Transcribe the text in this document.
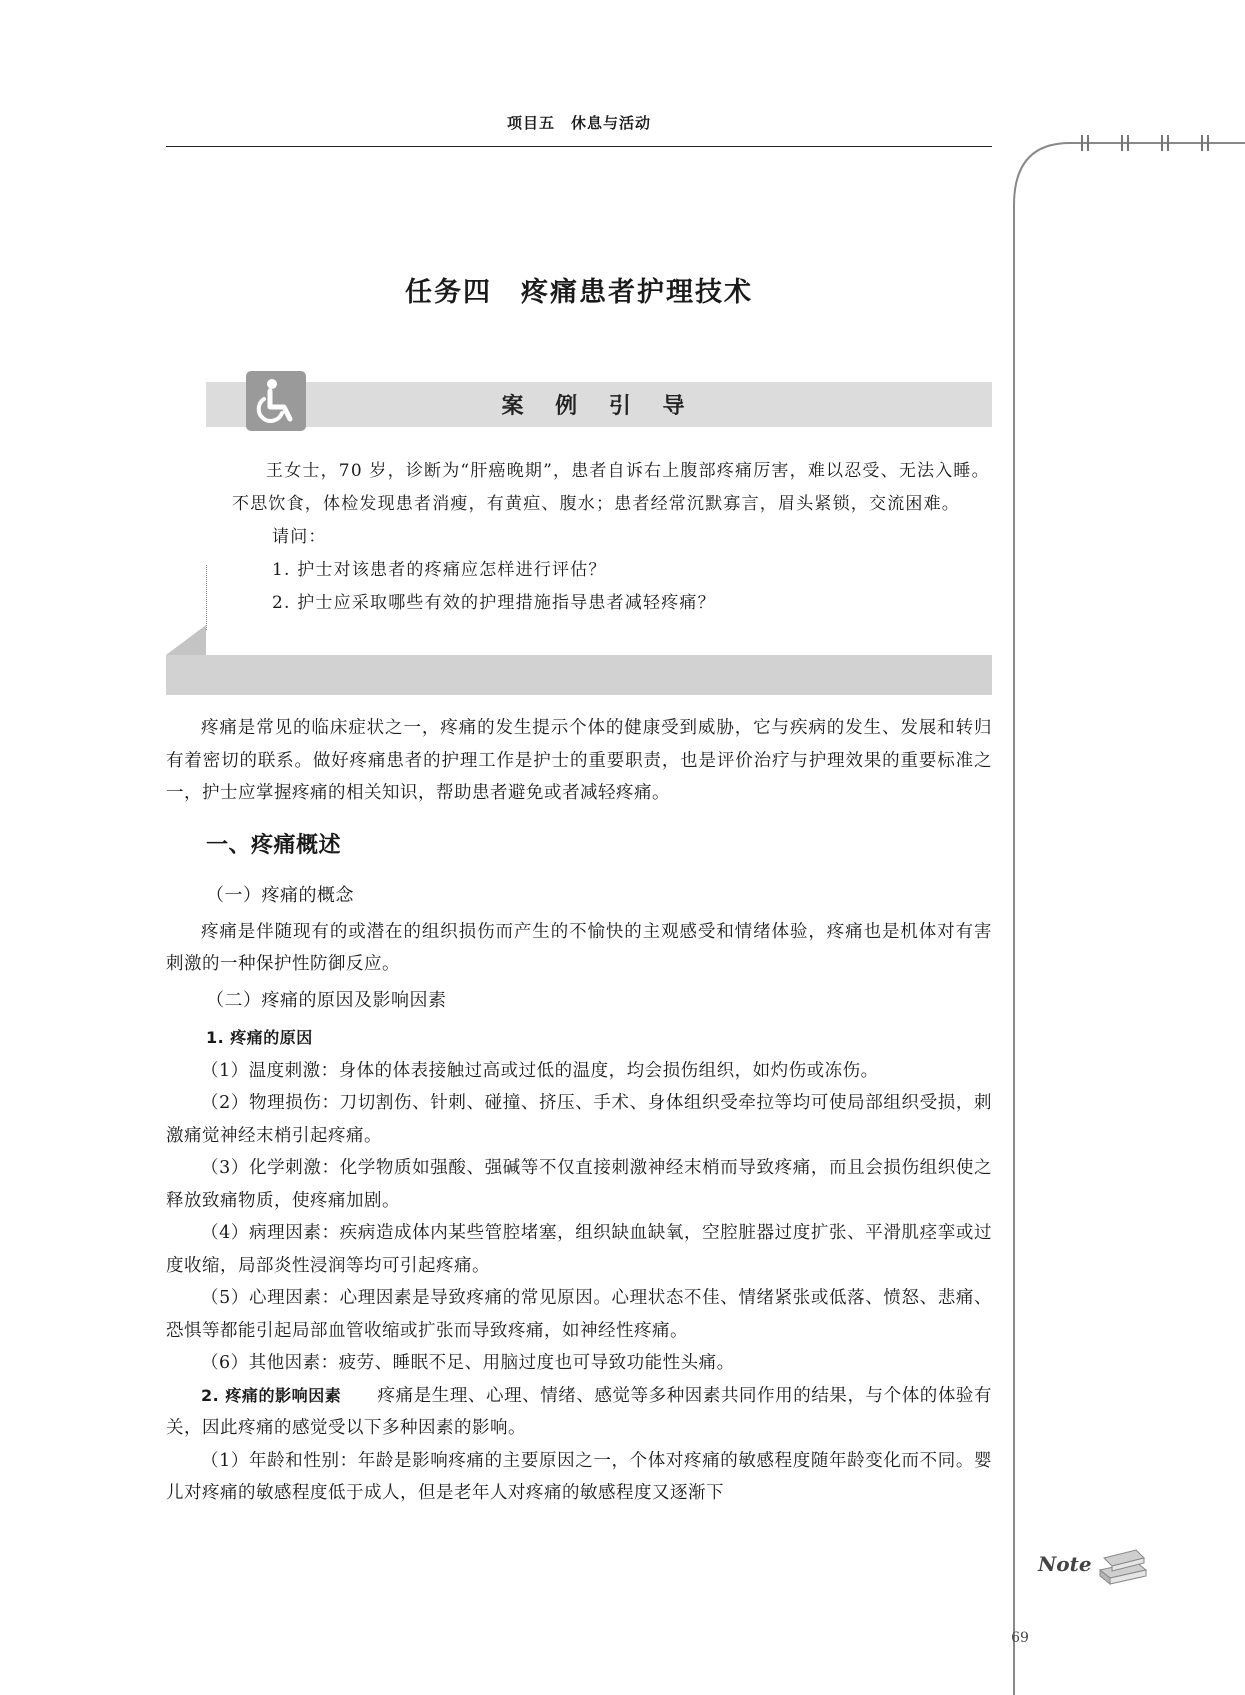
项目五　休息与活动
任务四　疼痛患者护理技术
案 例 引 导

王女士，70 岁，诊断为“肝癌晚期”，患者自诉右上腹部疼痛厉害，难以忍受、无法入睡。不思饮食，体检发现患者消瘦，有黄疸、腹水；患者经常沉默寡言，眉头紧锁，交流困难。

请问：

1. 护士对该患者的疼痛应怎样进行评估？

2. 护士应采取哪些有效的护理措施指导患者减轻疼痛？

疼痛是常见的临床症状之一，疼痛的发生提示个体的健康受到威胁，它与疾病的发生、发展和转归有着密切的联系。做好疼痛患者的护理工作是护士的重要职责，也是评价治疗与护理效果的重要标准之一，护士应掌握疼痛的相关知识，帮助患者避免或者减轻疼痛。

一、疼痛概述

（一）疼痛的概念

疼痛是伴随现有的或潜在的组织损伤而产生的不愉快的主观感受和情绪体验，疼痛也是机体对有害刺激的一种保护性防御反应。

（二）疼痛的原因及影响因素

1. 疼痛的原因

（1）温度刺激：身体的体表接触过高或过低的温度，均会损伤组织，如灼伤或冻伤。

（2）物理损伤：刀切割伤、针刺、碰撞、挤压、手术、身体组织受牵拉等均可使局部组织受损，刺激痛觉神经末梢引起疼痛。

（3）化学刺激：化学物质如强酸、强碱等不仅直接刺激神经末梢而导致疼痛，而且会损伤组织使之释放致痛物质，使疼痛加剧。

（4）病理因素：疾病造成体内某些管腔堵塞，组织缺血缺氧，空腔脏器过度扩张、平滑肌痉挛或过度收缩，局部炎性浸润等均可引起疼痛。

（5）心理因素：心理因素是导致疼痛的常见原因。心理状态不佳、情绪紧张或低落、愤怒、悲痛、恐惧等都能引起局部血管收缩或扩张而导致疼痛，如神经性疼痛。

（6）其他因素：疲劳、睡眠不足、用脑过度也可导致功能性头痛。

2. 疼痛的影响因素　　 疼痛是生理、心理、情绪、感觉等多种因素共同作用的结果，与个体的体验有关，因此疼痛的感觉受以下多种因素的影响。

（1）年龄和性别：年龄是影响疼痛的主要原因之一，个体对疼痛的敏感程度随年龄变化而不同。婴儿对疼痛的敏感程度低于成人，但是老年人对疼痛的敏感程度又逐渐下

Note
69
